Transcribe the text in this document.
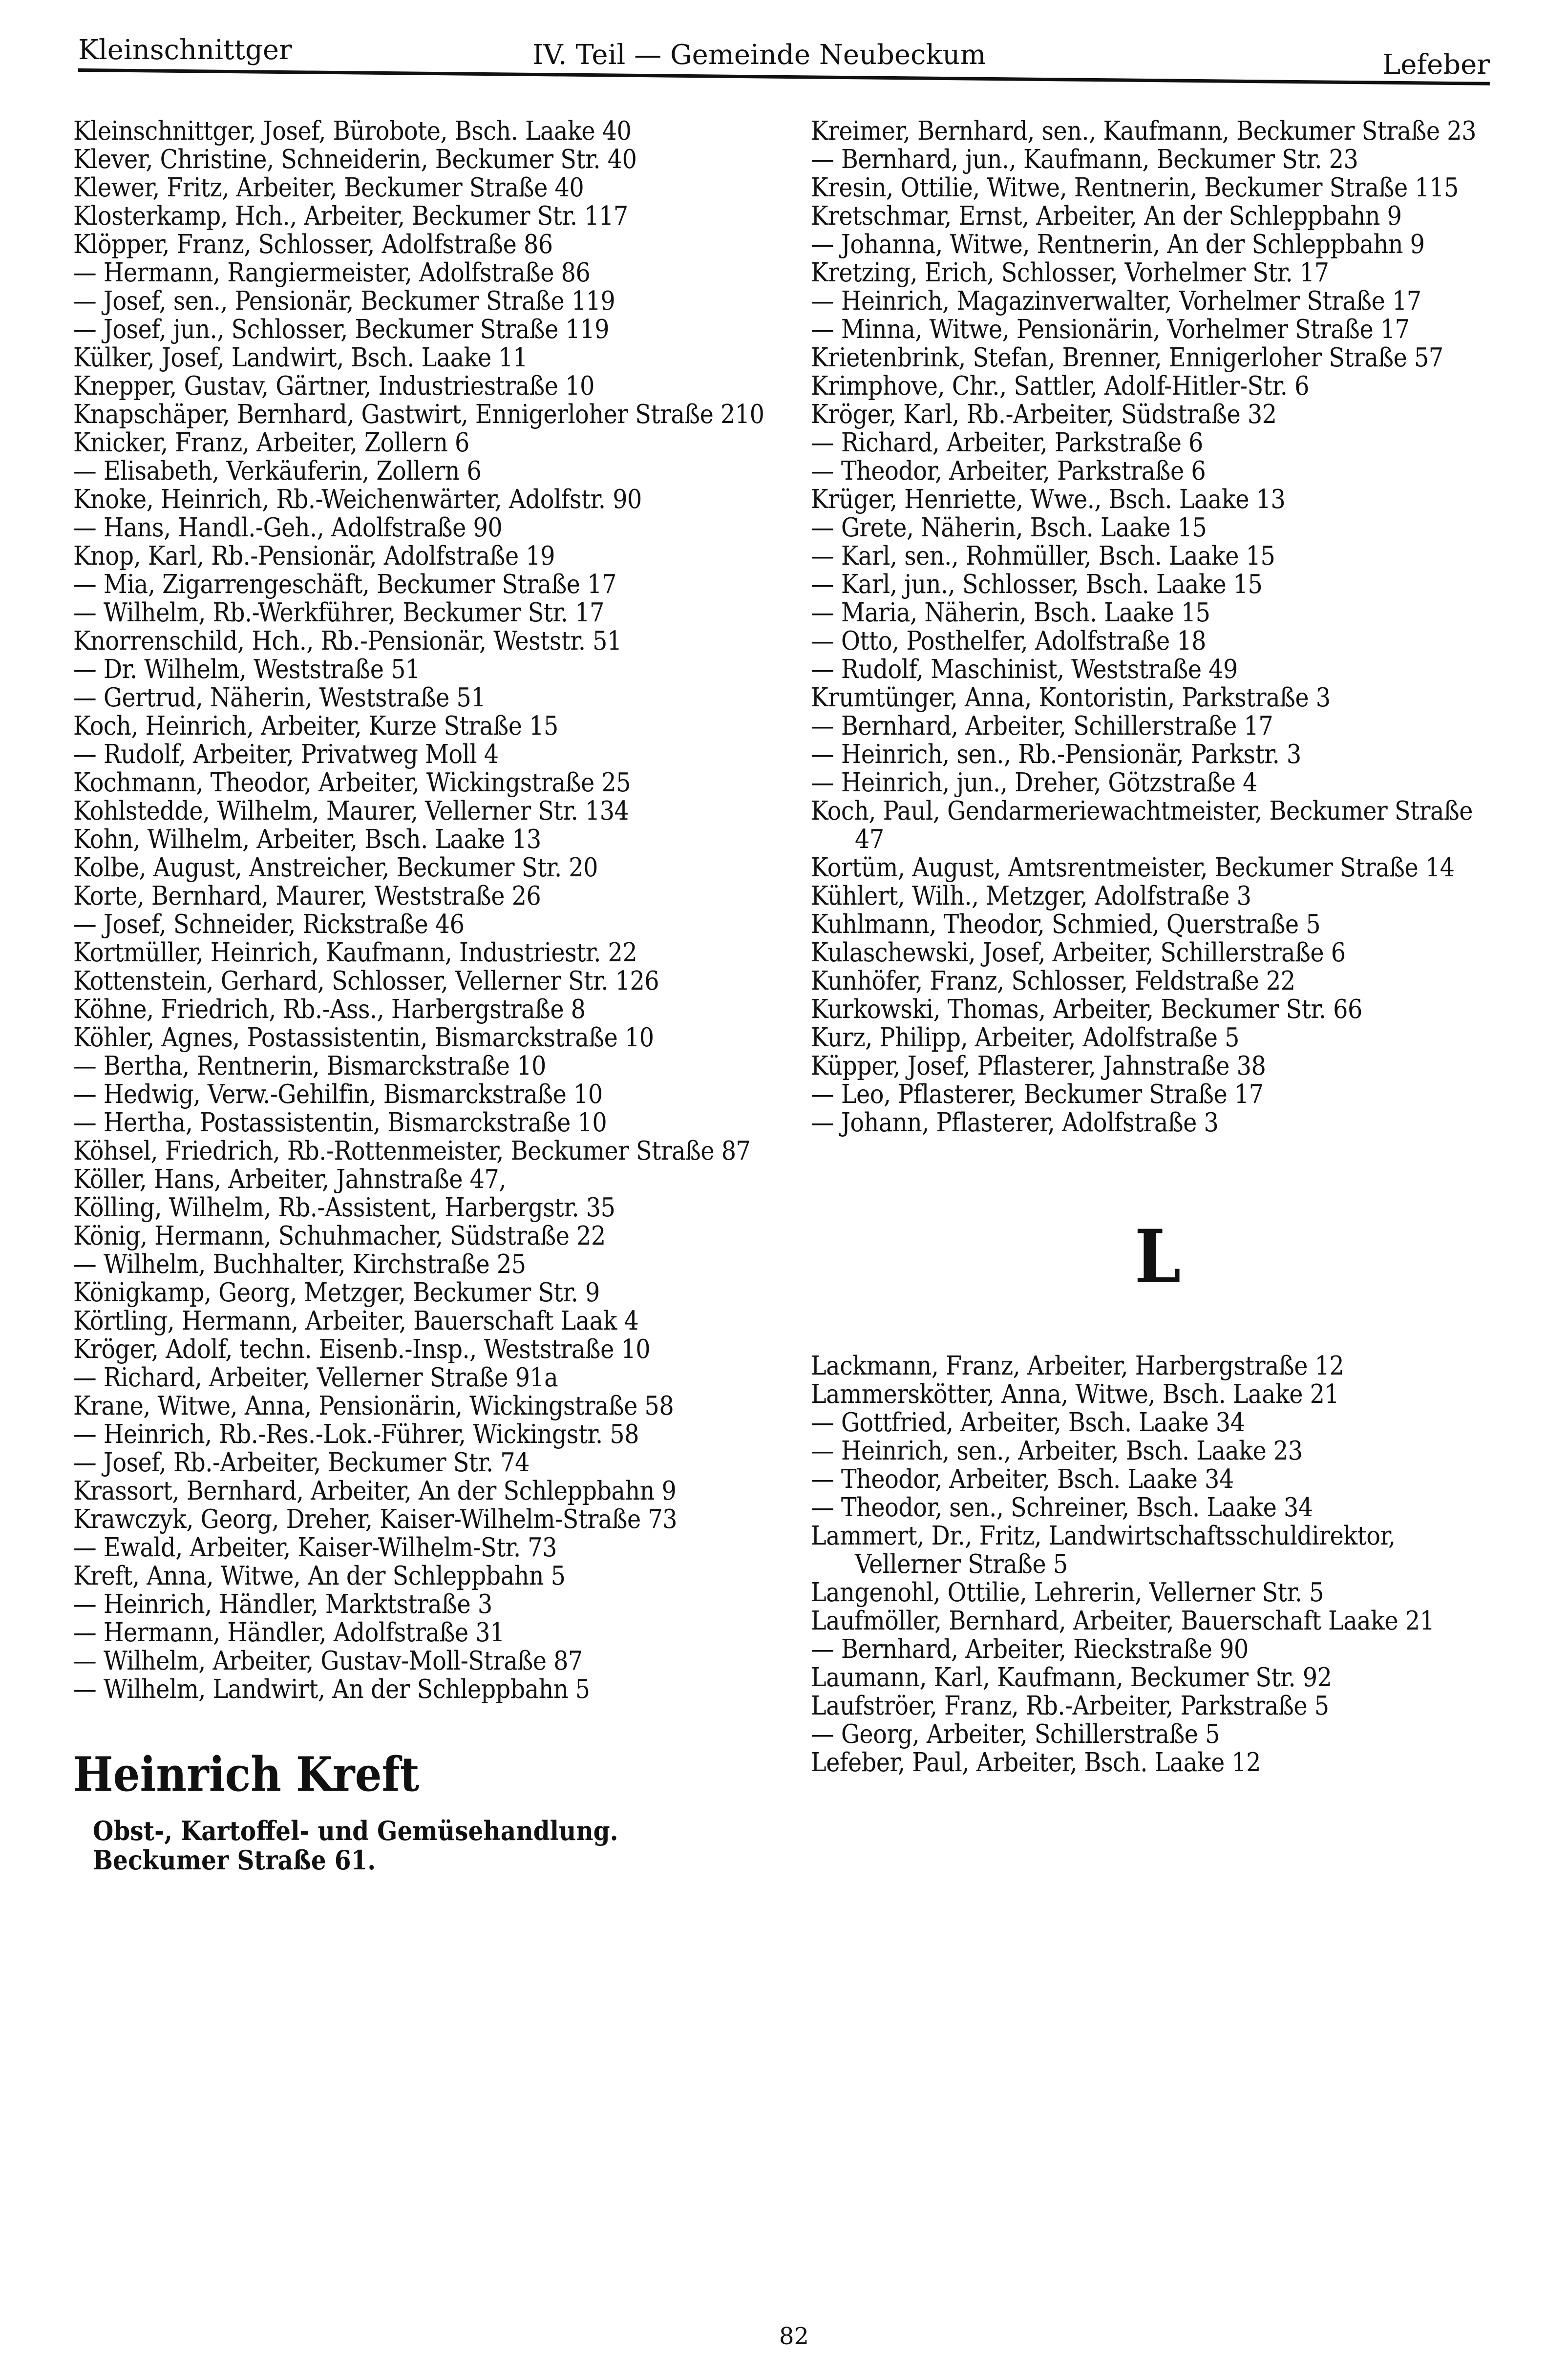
Kleinschnittger	IV. Teil — Gemeinde Neubeckum	Lefeber

Kleinschnittger, Josef, Bürobote, Bsch. Laake 40

Klever, Christine, Schneiderin, Beckumer Str. 40

Klewer, Fritz, Arbeiter, Beckumer Straße 40

Klosterkamp, Hch., Arbeiter, Beckumer Str. 117

Klöpper, Franz, Schlosser, Adolfstraße 86

— Hermann, Rangiermeister, Adolfstraße 86

— Josef, sen., Pensionär, Beckumer Straße 119

— Josef, jun., Schlosser, Beckumer Straße 119

Külker, Josef, Landwirt, Bsch. Laake 11

Knepper, Gustav, Gärtner, Industriestraße 10

Knapschäper, Bernhard, Gastwirt, Ennigerloher Straße 210

Knicker, Franz, Arbeiter, Zollern 6

— Elisabeth, Verkäuferin, Zollern 6

Knoke, Heinrich, Rb.-Weichenwärter, Adolfstr. 90

— Hans, Handl.-Geh., Adolfstraße 90

Knop, Karl, Rb.-Pensionär, Adolfstraße 19

— Mia, Zigarrengeschäft, Beckumer Straße 17

— Wilhelm, Rb.-Werkführer, Beckumer Str. 17

Knorrenschild, Hch., Rb.-Pensionär, Weststr. 51

— Dr. Wilhelm, Weststraße 51

— Gertrud, Näherin, Weststraße 51

Koch, Heinrich, Arbeiter, Kurze Straße 15

— Rudolf, Arbeiter, Privatweg Moll 4

Kochmann, Theodor, Arbeiter, Wickingstraße 25

Kohlstedde, Wilhelm, Maurer, Vellerner Str. 134

Kohn, Wilhelm, Arbeiter, Bsch. Laake 13

Kolbe, August, Anstreicher, Beckumer Str. 20

Korte, Bernhard, Maurer, Weststraße 26

— Josef, Schneider, Rickstraße 46

Kortmüller, Heinrich, Kaufmann, Industriestr. 22

Kottenstein, Gerhard, Schlosser, Vellerner Str. 126

Köhne, Friedrich, Rb.-Ass., Harbergstraße 8

Köhler, Agnes, Postassistentin, Bismarckstraße 10

— Bertha, Rentnerin, Bismarckstraße 10

— Hedwig, Verw.-Gehilfin, Bismarckstraße 10

— Hertha, Postassistentin, Bismarckstraße 10

Köhsel, Friedrich, Rb.-Rottenmeister, Beckumer Straße 87

Köller, Hans, Arbeiter, Jahnstraße 47,

Kölling, Wilhelm, Rb.-Assistent, Harbergstr. 35

König, Hermann, Schuhmacher, Südstraße 22

— Wilhelm, Buchhalter, Kirchstraße 25

Königkamp, Georg, Metzger, Beckumer Str. 9

Körtling, Hermann, Arbeiter, Bauerschaft Laak 4

Kröger, Adolf, techn. Eisenb.-Insp., Weststraße 10

— Richard, Arbeiter, Vellerner Straße 91a

Krane, Witwe, Anna, Pensionärin, Wickingstraße 58

— Heinrich, Rb.-Res.-Lok.-Führer, Wickingstr. 58

— Josef, Rb.-Arbeiter, Beckumer Str. 74

Krassort, Bernhard, Arbeiter, An der Schleppbahn 9

Krawczyk, Georg, Dreher, Kaiser-Wilhelm-Straße 73

— Ewald, Arbeiter, Kaiser-Wilhelm-Str. 73

Kreft, Anna, Witwe, An der Schleppbahn 5

— Heinrich, Händler, Marktstraße 3

— Hermann, Händler, Adolfstraße 31

— Wilhelm, Arbeiter, Gustav-Moll-Straße 87

— Wilhelm, Landwirt, An der Schleppbahn 5

Heinrich Kreft
Obst-, Kartoffel- und Gemüsehandlung.
Beckumer Straße 61.

Kreimer, Bernhard, sen., Kaufmann, Beckumer Straße 23

— Bernhard, jun., Kaufmann, Beckumer Str. 23

Kresin, Ottilie, Witwe, Rentnerin, Beckumer Straße 115

Kretschmar, Ernst, Arbeiter, An der Schleppbahn 9

— Johanna, Witwe, Rentnerin, An der Schleppbahn 9

Kretzing, Erich, Schlosser, Vorhelmer Str. 17

— Heinrich, Magazinverwalter, Vorhelmer Straße 17

— Minna, Witwe, Pensionärin, Vorhelmer Straße 17

Krietenbrink, Stefan, Brenner, Ennigerloher Straße 57

Krimphove, Chr., Sattler, Adolf-Hitler-Str. 6

Kröger, Karl, Rb.-Arbeiter, Südstraße 32

— Richard, Arbeiter, Parkstraße 6

— Theodor, Arbeiter, Parkstraße 6

Krüger, Henriette, Wwe., Bsch. Laake 13

— Grete, Näherin, Bsch. Laake 15

— Karl, sen., Rohmüller, Bsch. Laake 15

— Karl, jun., Schlosser, Bsch. Laake 15

— Maria, Näherin, Bsch. Laake 15

— Otto, Posthelfer, Adolfstraße 18

— Rudolf, Maschinist, Weststraße 49

Krumtünger, Anna, Kontoristin, Parkstraße 3

— Bernhard, Arbeiter, Schillerstraße 17

— Heinrich, sen., Rb.-Pensionär, Parkstr. 3

— Heinrich, jun., Dreher, Götzstraße 4

Koch, Paul, Gendarmeriewachtmeister, Beckumer Straße 47

Kortüm, August, Amtsrentmeister, Beckumer Straße 14

Kühlert, Wilh., Metzger, Adolfstraße 3

Kuhlmann, Theodor, Schmied, Querstraße 5

Kulaschewski, Josef, Arbeiter, Schillerstraße 6

Kunhöfer, Franz, Schlosser, Feldstraße 22

Kurkowski, Thomas, Arbeiter, Beckumer Str. 66

Kurz, Philipp, Arbeiter, Adolfstraße 5

Küpper, Josef, Pflasterer, Jahnstraße 38

— Leo, Pflasterer, Beckumer Straße 17

— Johann, Pflasterer, Adolfstraße 3

L

Lackmann, Franz, Arbeiter, Harbergstraße 12

Lammerskötter, Anna, Witwe, Bsch. Laake 21

— Gottfried, Arbeiter, Bsch. Laake 34

— Heinrich, sen., Arbeiter, Bsch. Laake 23

— Theodor, Arbeiter, Bsch. Laake 34

— Theodor, sen., Schreiner, Bsch. Laake 34

Lammert, Dr., Fritz, Landwirtschaftsschuldirektor, Vellerner Straße 5

Langenohl, Ottilie, Lehrerin, Vellerner Str. 5

Laufmöller, Bernhard, Arbeiter, Bauerschaft Laake 21

— Bernhard, Arbeiter, Rieckstraße 90

Laumann, Karl, Kaufmann, Beckumer Str. 92

Laufströer, Franz, Rb.-Arbeiter, Parkstraße 5

— Georg, Arbeiter, Schillerstraße 5

Lefeber, Paul, Arbeiter, Bsch. Laake 12

82
